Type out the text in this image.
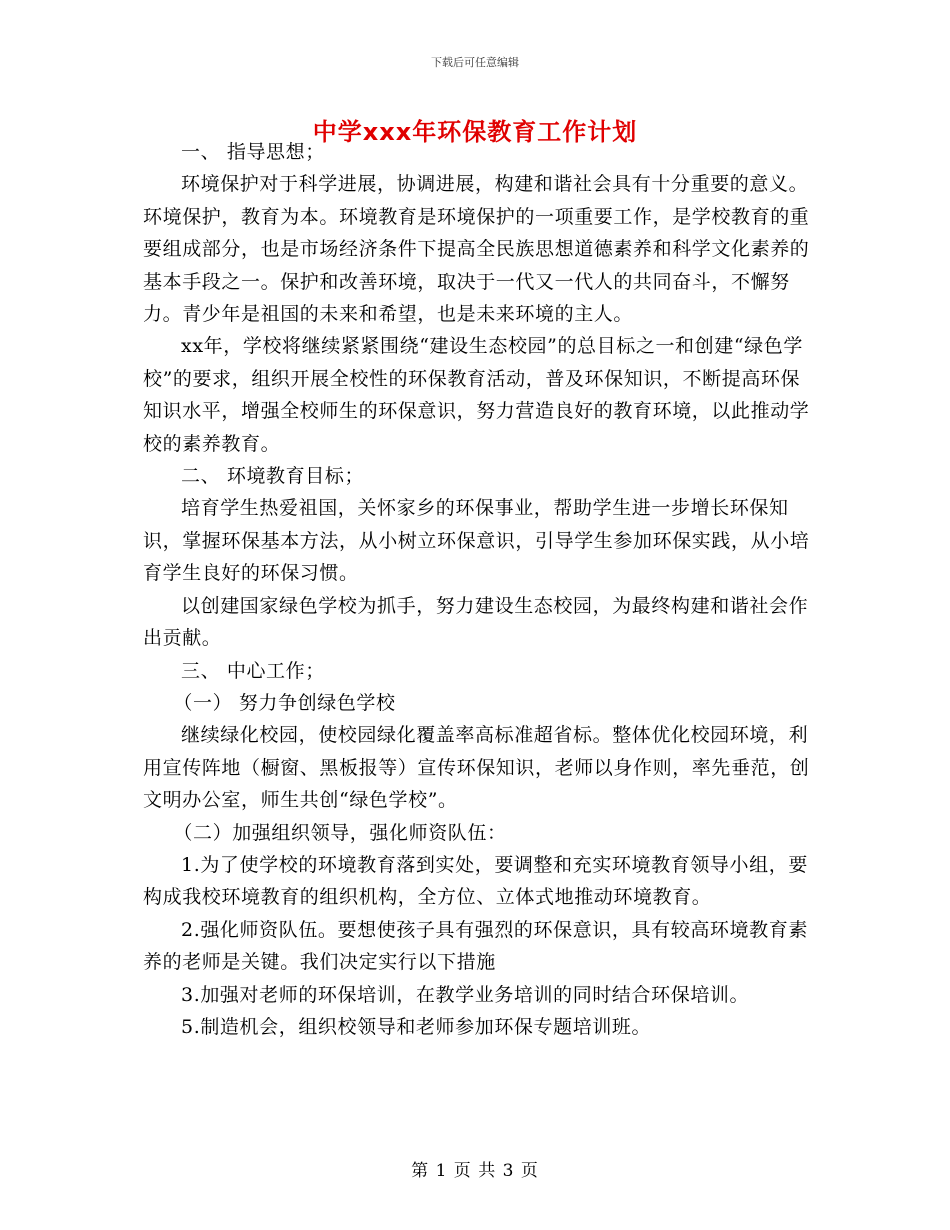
下载后可任意编辑
中学xxx年环保教育工作计划

一、 指导思想；

环境保护对于科学进展，协调进展，构建和谐社会具有十分重要的意义。环境保护，教育为本。环境教育是环境保护的一项重要工作，是学校教育的重要组成部分，也是市场经济条件下提高全民族思想道德素养和科学文化素养的基本手段之一。保护和改善环境，取决于一代又一代人的共同奋斗，不懈努力。青少年是祖国的未来和希望，也是未来环境的主人。

xx年，学校将继续紧紧围绕“建设生态校园”的总目标之一和创建“绿色学校”的要求，组织开展全校性的环保教育活动，普及环保知识，不断提高环保知识水平，增强全校师生的环保意识，努力营造良好的教育环境，以此推动学校的素养教育。

二、 环境教育目标；

培育学生热爱祖国，关怀家乡的环保事业，帮助学生进一步增长环保知识，掌握环保基本方法，从小树立环保意识，引导学生参加环保实践，从小培育学生良好的环保习惯。

以创建国家绿色学校为抓手，努力建设生态校园，为最终构建和谐社会作出贡献。

三、 中心工作；

（一） 努力争创绿色学校

继续绿化校园，使校园绿化覆盖率高标准超省标。整体优化校园环境，利用宣传阵地（橱窗、黑板报等）宣传环保知识，老师以身作则，率先垂范，创文明办公室，师生共创“绿色学校”。

（二）加强组织领导，强化师资队伍：

1.为了使学校的环境教育落到实处，要调整和充实环境教育领导小组，要构成我校环境教育的组织机构，全方位、立体式地推动环境教育。

2.强化师资队伍。要想使孩子具有强烈的环保意识，具有较高环境教育素养的老师是关键。我们决定实行以下措施

3.加强对老师的环保培训，在教学业务培训的同时结合环保培训。

5.制造机会，组织校领导和老师参加环保专题培训班。

第 1 页 共 3 页
